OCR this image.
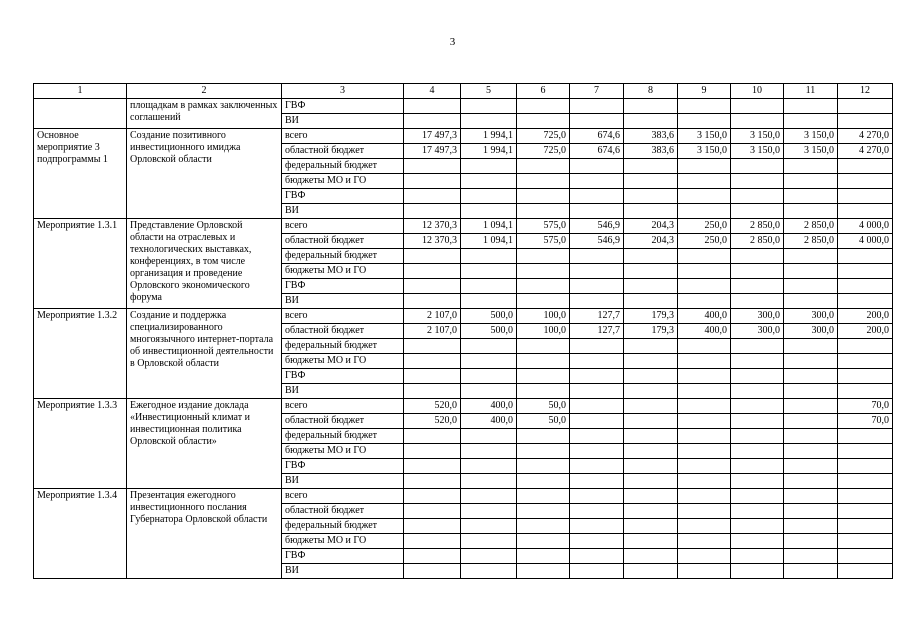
3
1	2	3	4	5	6	7	8	9	10	11	12
	площадкам в рамках заключенных соглашений	ГВФ									
		ВИ									
Основное мероприятие 3 подпрограммы 1	Создание позитивного инвестиционного имиджа Орловской области	всего	17 497,3	1 994,1	725,0	674,6	383,6	3 150,0	3 150,0	3 150,0	4 270,0
		областной бюджет	17 497,3	1 994,1	725,0	674,6	383,6	3 150,0	3 150,0	3 150,0	4 270,0
		федеральный бюджет									
		бюджеты МО и ГО									
		ГВФ									
		ВИ									
Мероприятие 1.3.1	Представление Орловской области на отраслевых и технологических выставках, конференциях, в том числе организация и проведение Орловского экономического форума	всего	12 370,3	1 094,1	575,0	546,9	204,3	250,0	2 850,0	2 850,0	4 000,0
		областной бюджет	12 370,3	1 094,1	575,0	546,9	204,3	250,0	2 850,0	2 850,0	4 000,0
		федеральный бюджет									
		бюджеты МО и ГО									
		ГВФ									
		ВИ									
Мероприятие 1.3.2	Создание и поддержка специализированного многоязычного интернет-портала об инвестиционной деятельности в Орловской области	всего	2 107,0	500,0	100,0	127,7	179,3	400,0	300,0	300,0	200,0
		областной бюджет	2 107,0	500,0	100,0	127,7	179,3	400,0	300,0	300,0	200,0
		федеральный бюджет									
		бюджеты МО и ГО									
		ГВФ									
		ВИ									
Мероприятие 1.3.3	Ежегодное издание доклада «Инвестиционный климат и инвестиционная политика Орловской области»	всего	520,0	400,0	50,0						70,0
		областной бюджет	520,0	400,0	50,0						70,0
		федеральный бюджет									
		бюджеты МО и ГО									
		ГВФ									
		ВИ									
Мероприятие 1.3.4	Презентация ежегодного инвестиционного послания Губернатора Орловской области	всего									
		областной бюджет									
		федеральный бюджет									
		бюджеты МО и ГО									
		ГВФ									
		ВИ									
